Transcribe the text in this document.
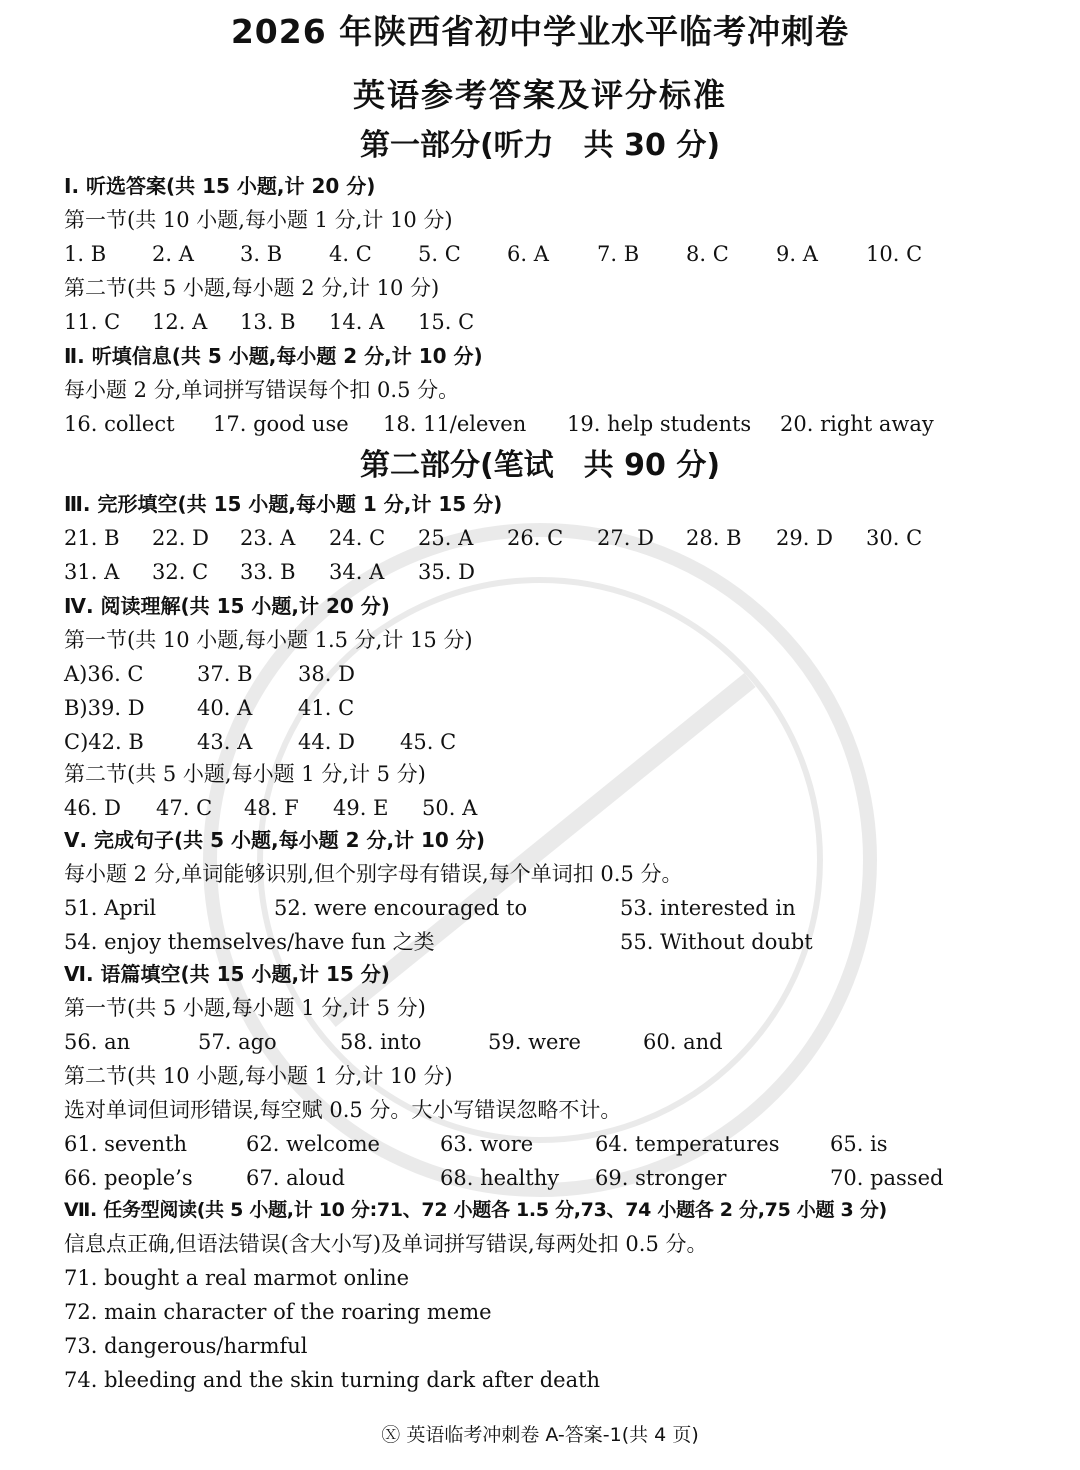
2026 年陕西省初中学业水平临考冲刺卷
英语参考答案及评分标准
第一部分(听力　共 30 分)
Ⅰ. 听选答案(共 15 小题,计 20 分)
第一节(共 10 小题,每小题 1 分,计 10 分)
1. B 2. A 3. B 4. C 5. C 6. A 7. B 8. C 9. A 10. C
第二节(共 5 小题,每小题 2 分,计 10 分)
11. C 12. A 13. B 14. A 15. C
Ⅱ. 听填信息(共 5 小题,每小题 2 分,计 10 分)
每小题 2 分,单词拼写错误每个扣 0.5 分。
16. collect 17. good use 18. 11/eleven 19. help students 20. right away
第二部分(笔试　共 90 分)
Ⅲ. 完形填空(共 15 小题,每小题 1 分,计 15 分)
21. B 22. D 23. A 24. C 25. A 26. C 27. D 28. B 29. D 30. C
31. A 32. C 33. B 34. A 35. D
Ⅳ. 阅读理解(共 15 小题,计 20 分)
第一节(共 10 小题,每小题 1.5 分,计 15 分)
A)36. C	37. B 38. D
B)39. D 40. A 41. C
C)42. B	43. A 44. D 45. C
第二节(共 5 小题,每小题 1 分,计 5 分)
46. D 47. C 48. F 49. E 50. A
Ⅴ. 完成句子(共 5 小题,每小题 2 分,计 10 分)
每小题 2 分,单词能够识别,但个别字母有错误,每个单词扣 0.5 分。
51. April	52. were encouraged to	53. interested in
54. enjoy themselves/have fun 之类	55. Without doubt
Ⅵ. 语篇填空(共 15 小题,计 15 分)
第一节(共 5 小题,每小题 1 分,计 5 分)
56. an	57. ago	58. into	59. were	60. and
第二节(共 10 小题,每小题 1 分,计 10 分)
选对单词但词形错误,每空赋 0.5 分。大小写错误忽略不计。
61. seventh	62. welcome	63. wore	64. temperatures 65. is
66. people’s	67. aloud	68. healthy 69. stronger	70. passed
Ⅶ. 任务型阅读(共 5 小题,计 10 分:71、72 小题各 1.5 分,73、74 小题各 2 分,75 小题 3 分)
信息点正确,但语法错误(含大小写)及单词拼写错误,每两处扣 0.5 分。
71. bought a real marmot online
72. main character of the roaring meme
73. dangerous/harmful
74. bleeding and the skin turning dark after death
Ⓧ 英语临考冲刺卷 A-答案-1(共 4 页)
